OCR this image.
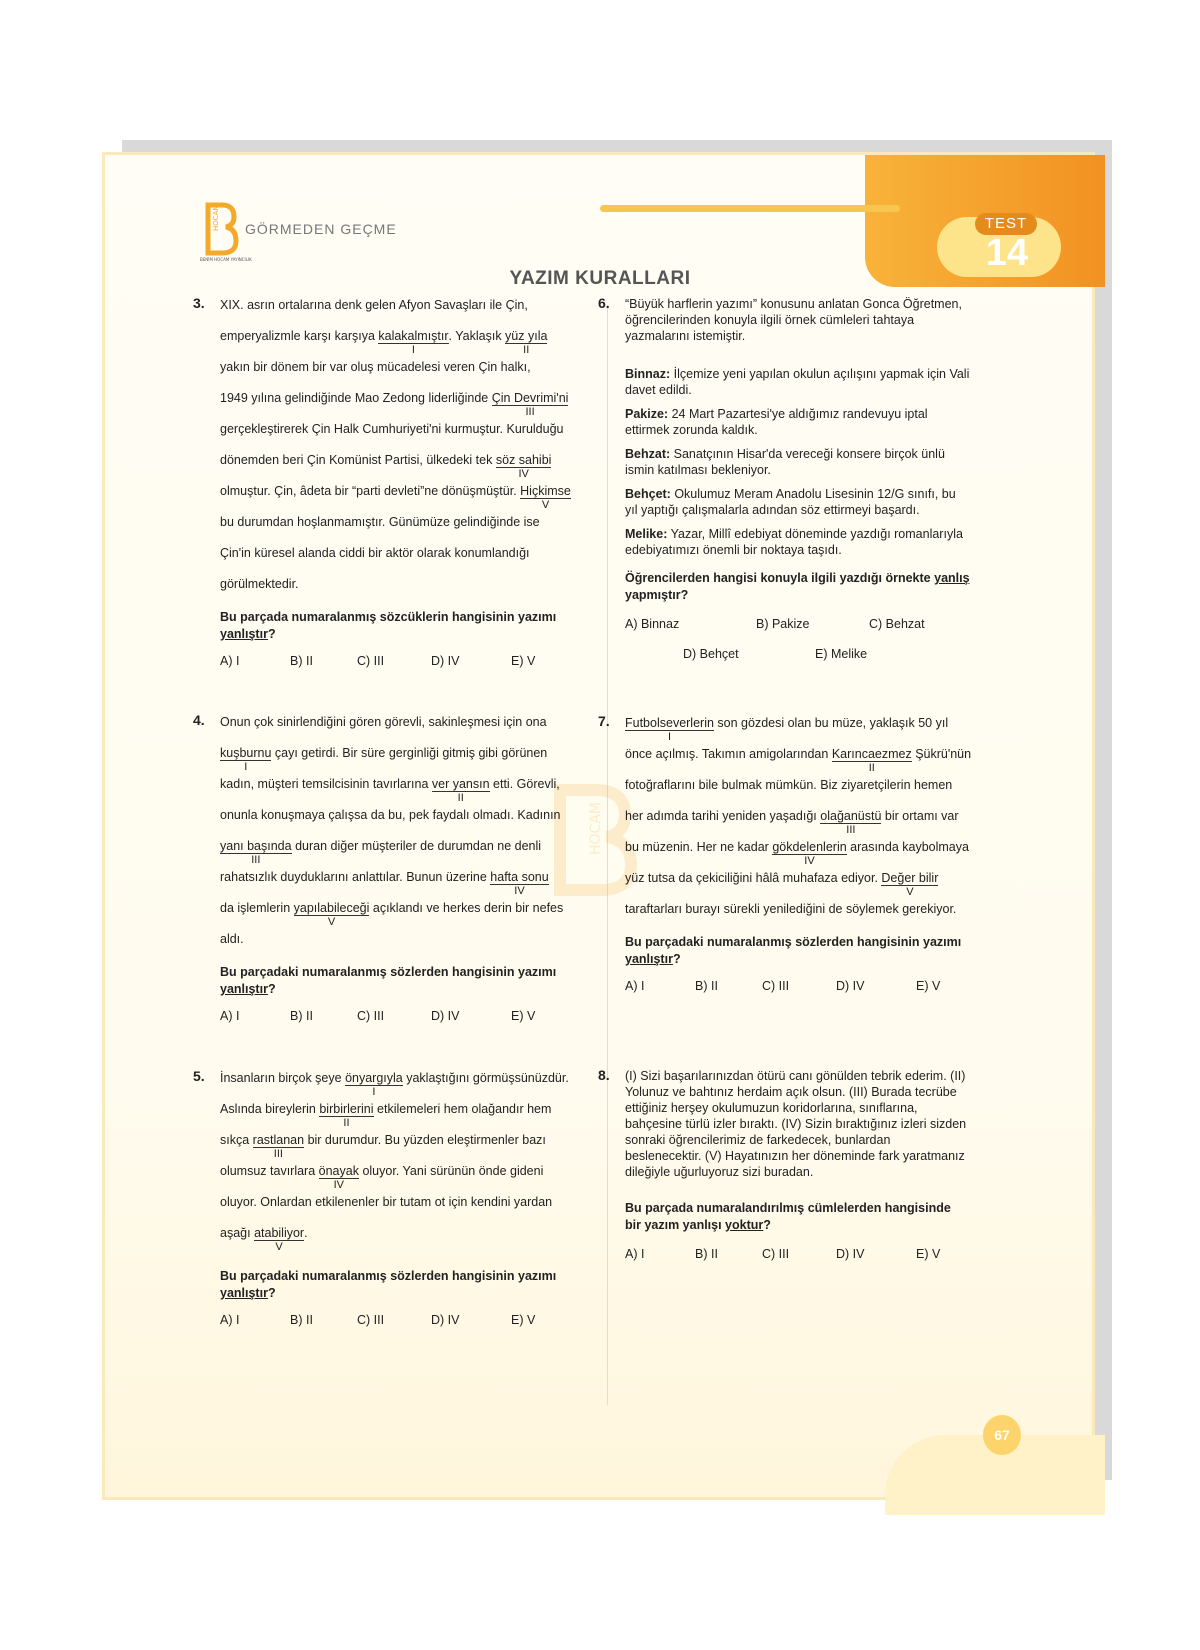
TEST
14
HOCAM
BENİM HOCAM YAYINCILIK
GÖRMEDEN GEÇME
YAZIM KURALLARI
HOCAM
67
3. XIX. asrın ortalarına denk gelen Afyon Savaşları ile Çin,
emperyalizmle karşı karşıya kalakalmıştır
I
. Yaklaşık yüz yıla
II
yakın bir dönem bir var oluş mücadelesi veren Çin halkı,
1949 yılına gelindiğinde Mao Zedong liderliğinde Çin Devrimi'ni
III
gerçekleştirerek Çin Halk Cumhuriyeti'ni kurmuştur. Kurulduğu
dönemden beri Çin Komünist Partisi, ülkedeki tek söz sahibi
IV
olmuştur. Çin, âdeta bir “parti devleti”ne dönüşmüştür. Hiçkimse
V
bu durumdan hoşlanmamıştır. Günümüze gelindiğinde ise
Çin'in küresel alanda ciddi bir aktör olarak konumlandığı
görülmektedir.
Bu parçada numaralanmış sözcüklerin hangisinin yazımı yanlıştır?
A) I	B) II	C) III	D) IV	E) V
4. Onun çok sinirlendiğini gören görevli, sakinleşmesi için ona
kuşburnu
I
çayı getirdi. Bir süre gerginliği gitmiş gibi görünen
kadın, müşteri temsilcisinin tavırlarına ver yansın
II
etti. Görevli,
onunla konuşmaya çalışsa da bu, pek faydalı olmadı. Kadının
yanı başında
III
duran diğer müşteriler de durumdan ne denli
rahatsızlık duyduklarını anlattılar. Bunun üzerine hafta sonu
IV
da işlemlerin yapılabileceği
V
açıklandı ve herkes derin bir nefes
aldı.
Bu parçadaki numaralanmış sözlerden hangisinin yazımı yanlıştır?
A) I	B) II	C) III	D) IV	E) V
5. İnsanların birçok şeye önyargıyla
I
yaklaştığını görmüşsünüzdür.
Aslında bireylerin birbirlerini
II
etkilemeleri hem olağandır hem
sıkça rastlanan
III
bir durumdur. Bu yüzden eleştirmenler bazı
olumsuz tavırlara önayak
IV
oluyor. Yani sürünün önde gideni
oluyor. Onlardan etkilenenler bir tutam ot için kendini yardan
aşağı atabiliyor
V
.
Bu parçadaki numaralanmış sözlerden hangisinin yazımı yanlıştır?
A) I	B) II	C) III	D) IV	E) V
6. “Büyük harflerin yazımı” konusunu anlatan Gonca Öğretmen, öğrencilerinden konuyla ilgili örnek cümleleri tahtaya yazmalarını istemiştir.
Binnaz: İlçemize yeni yapılan okulun açılışını yapmak için Vali davet edildi.
Pakize: 24 Mart Pazartesi'ye aldığımız randevuyu iptal ettirmek zorunda kaldık.
Behzat: Sanatçının Hisar'da vereceği konsere birçok ünlü ismin katılması bekleniyor.
Behçet: Okulumuz Meram Anadolu Lisesinin 12/G sınıfı, bu yıl yaptığı çalışmalarla adından söz ettirmeyi başardı.
Melike: Yazar, Millî edebiyat döneminde yazdığı romanlarıyla edebiyatımızı önemli bir noktaya taşıdı.
Öğrencilerden hangisi konuyla ilgili yazdığı örnekte yanlış yapmıştır?
A) Binnaz	B) Pakize	C) Behzat
D) Behçet	E) Melike
7. Futbolseverlerin
I
son gözdesi olan bu müze, yaklaşık 50 yıl
önce açılmış. Takımın amigolarından Karıncaezmez
II
Şükrü'nün
fotoğraflarını bile bulmak mümkün. Biz ziyaretçilerin hemen
her adımda tarihi yeniden yaşadığı olağanüstü
III
bir ortamı var
bu müzenin. Her ne kadar gökdelenlerin
IV
arasında kaybolmaya
yüz tutsa da çekiciliğini hâlâ muhafaza ediyor. Değer bilir
V
taraftarları burayı sürekli yenilediğini de söylemek gerekiyor.
Bu parçadaki numaralanmış sözlerden hangisinin yazımı yanlıştır?
A) I	B) II	C) III	D) IV	E) V
8. (I) Sizi başarılarınızdan ötürü canı gönülden tebrik ederim. (II) Yolunuz ve bahtınız herdaim açık olsun. (III) Burada tecrübe ettiğiniz herşey okulumuzun koridorlarına, sınıflarına, bahçesine türlü izler bıraktı. (IV) Sizin bıraktığınız izleri sizden sonraki öğrencilerimiz de farkedecek, bunlardan beslenecektir. (V) Hayatınızın her döneminde fark yaratmanız dileğiyle uğurluyoruz sizi buradan.
Bu parçada numaralandırılmış cümlelerden hangisinde bir yazım yanlışı yoktur?
A) I	B) II	C) III	D) IV	E) V
